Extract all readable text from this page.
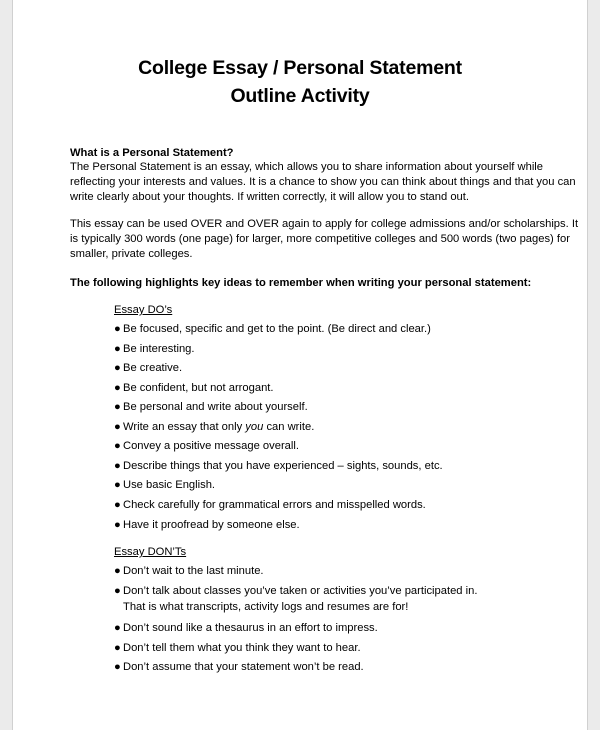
College Essay / Personal Statement
Outline Activity
What is a Personal Statement?
The Personal Statement is an essay, which allows you to share information about yourself while
reflecting your interests and values. It is a chance to show you can think about things and that you can
write clearly about your thoughts. If written correctly, it will allow you to stand out.
This essay can be used OVER and OVER again to apply for college admissions and/or scholarships. It
is typically 300 words (one page) for larger, more competitive colleges and 500 words (two pages) for
smaller, private colleges.
The following highlights key ideas to remember when writing your personal statement:
Essay DO’s
● Be focused, specific and get to the point. (Be direct and clear.)
● Be interesting.
● Be creative.
● Be confident, but not arrogant.
● Be personal and write about yourself.
● Write an essay that only you can write.
● Convey a positive message overall.
● Describe things that you have experienced – sights, sounds, etc.
● Use basic English.
● Check carefully for grammatical errors and misspelled words.
● Have it proofread by someone else.
Essay DON’Ts
● Don’t wait to the last minute.
● Don’t talk about classes you’ve taken or activities you’ve participated in.
That is what transcripts, activity logs and resumes are for!
● Don’t sound like a thesaurus in an effort to impress.
● Don’t tell them what you think they want to hear.
● Don’t assume that your statement won’t be read.
